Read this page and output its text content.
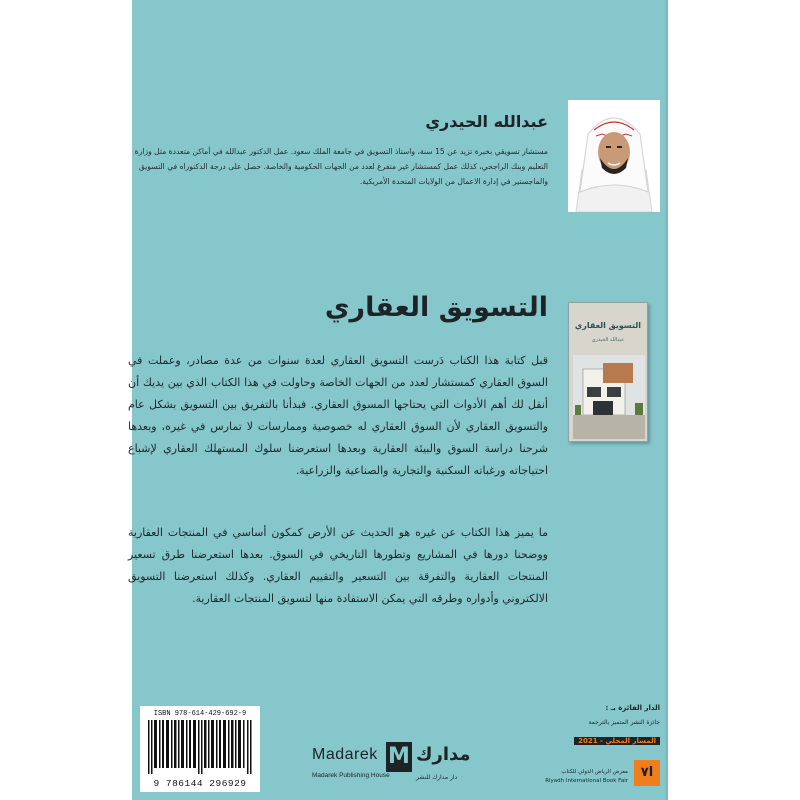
عبدالله الحيدري

مستشار تسويقي بخبرة تزيد عن 15 سنة، واستاذ التسويق في جامعة الملك سعود. عمل الدكتور عبدالله في أماكن متعددة مثل وزارة التعليم وبنك الراجحي، كذلك عمل كمستشار غير متفرغ لعدد من الجهات الحكومية والخاصة. حصل على درجة الدكتوراه في التسويق والماجستير في إدارة الاعمال من الولايات المتحدة الأمريكية.

التسويق العقاري
عبدالله الحيدري
التسويق العقاري

قبل كتابة هذا الكتاب دَرست التسويق العقاري لعدة سنوات من عدة مصادر، وعملت في السوق العقاري كمستشار لعدد من الجهات الخاصة وحاولت في هذا الكتاب الذي بين يديك أن أنقل لك أهم الأدوات التي يحتاجها المسوق العقاري. فبدأنا بالتفريق بين التسويق بشكل عام والتسويق العقاري لأن السوق العقاري له خصوصية وممارسات لا تمارس في غيره، وبعدها شرحنا دراسة السوق والبيئة العقارية وبعدها استعرضنا سلوك المستهلك العقاري لإشباع احتياجاته ورغباته السكنية والتجارية والصناعية والزراعية.

ما يميز هذا الكتاب عن غيره هو الحديث عن الأرض كمكون أساسي في المنتجات العقارية ووضحنا دورها في المشاريع وتطورها التاريخي في السوق. بعدها استعرضنا طرق تسعير المنتجات العقارية والتفرقة بين التسعير والتقييم العقاري. وكذلك استعرضنا التسويق الالكتروني وأدواره وطرقه التي يمكن الاستفادة منها لتسويق المنتجات العقارية.

الدار الفائزة بـ :
جائزة النشر المتميز بالترجمة
المسار المحلي - 2021
ا٧
معرض الرياض الدولي للكتاب
Riyadh International Book Fair
Madarek M مدارك
Madarek Publishing House	دار مدارك للنشر
ISBN 978-614-429-692-9
9 786144 296929
